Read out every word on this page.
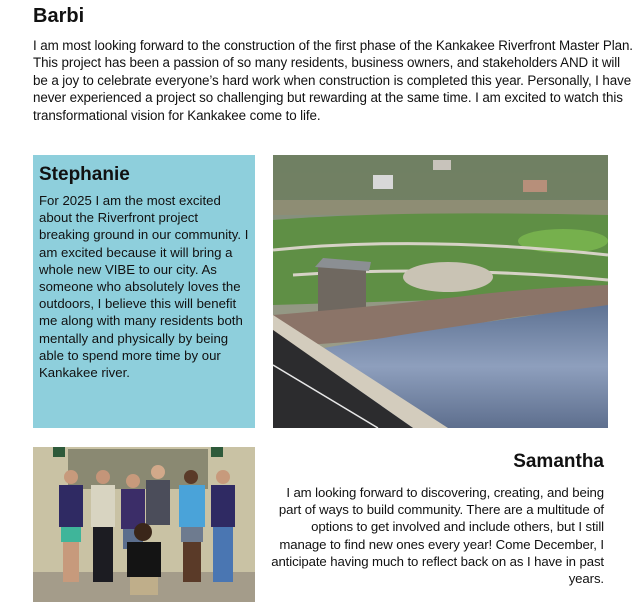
Barbi

I am most looking forward to the construction of the first phase of the Kankakee Riverfront Master Plan. This project has been a passion of so many residents, business owners, and stakeholders AND it will be a joy to celebrate everyone’s hard work when construction is completed this year. Personally, I have never experienced a project so challenging but rewarding at the same time. I am excited to watch this transformational vision for Kankakee come to life.

Stephanie

For 2025 I am the most excited about the Riverfront project breaking ground in our community. I am excited because it will bring a whole new VIBE to our city. As someone who absolutely loves the outdoors, I believe this will benefit me along with many residents both mentally and physically by being able to spend more time by our Kankakee river.

Samantha

I am looking forward to discovering, creating, and being part of ways to build community. There are a multitude of options to get involved and include others, but I still manage to find new ones every year! Come December, I anticipate having much to reflect back on as I have in past years.
